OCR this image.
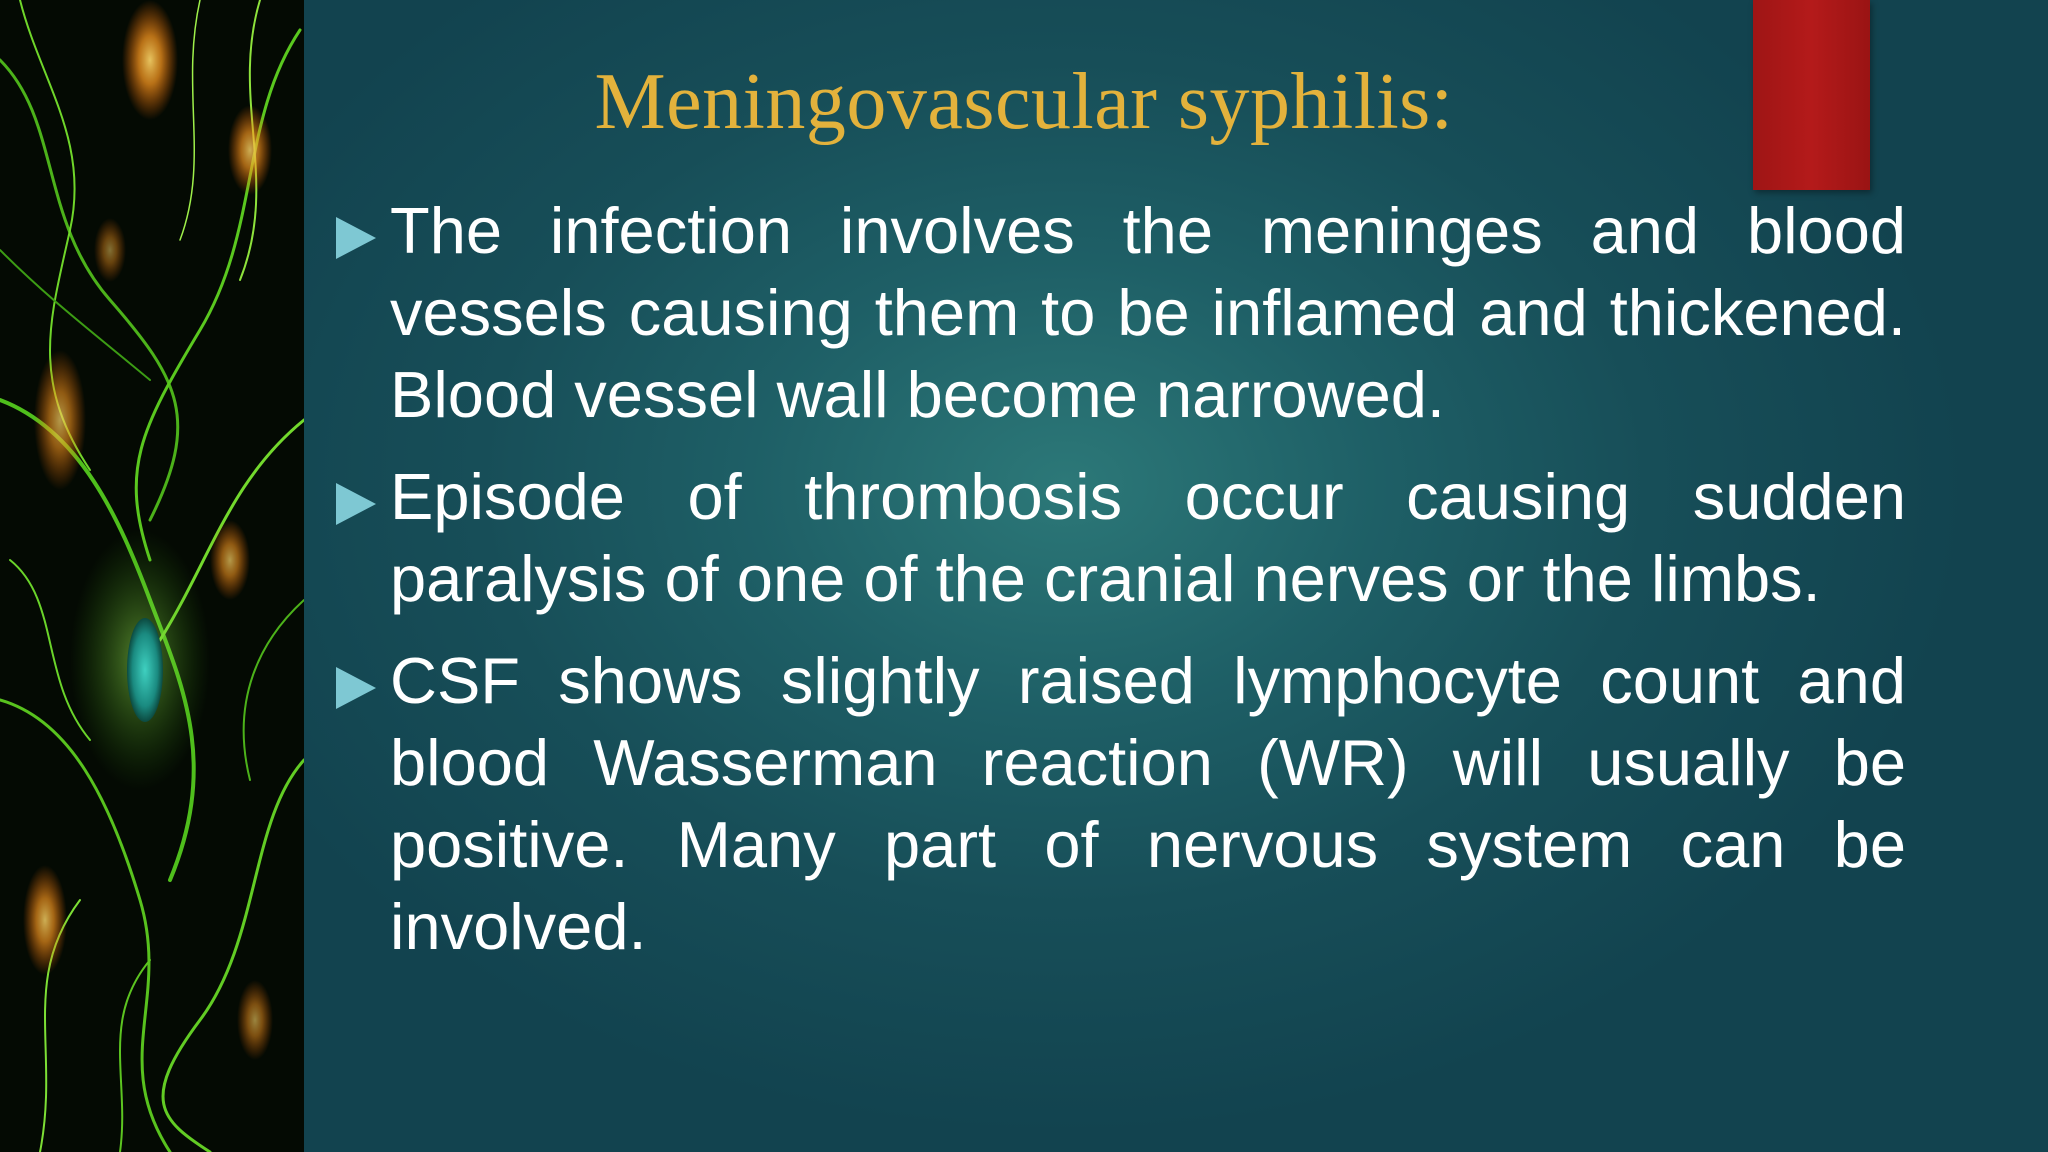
Meningovascular syphilis:
The infection involves the meninges and blood vessels causing them to be inflamed and thickened. Blood vessel wall become narrowed.
Episode of thrombosis occur causing sudden paralysis of one of the cranial nerves or the limbs.
CSF shows slightly raised lymphocyte count and blood Wasserman reaction (WR) will usually be positive. Many part of nervous system can be involved.
